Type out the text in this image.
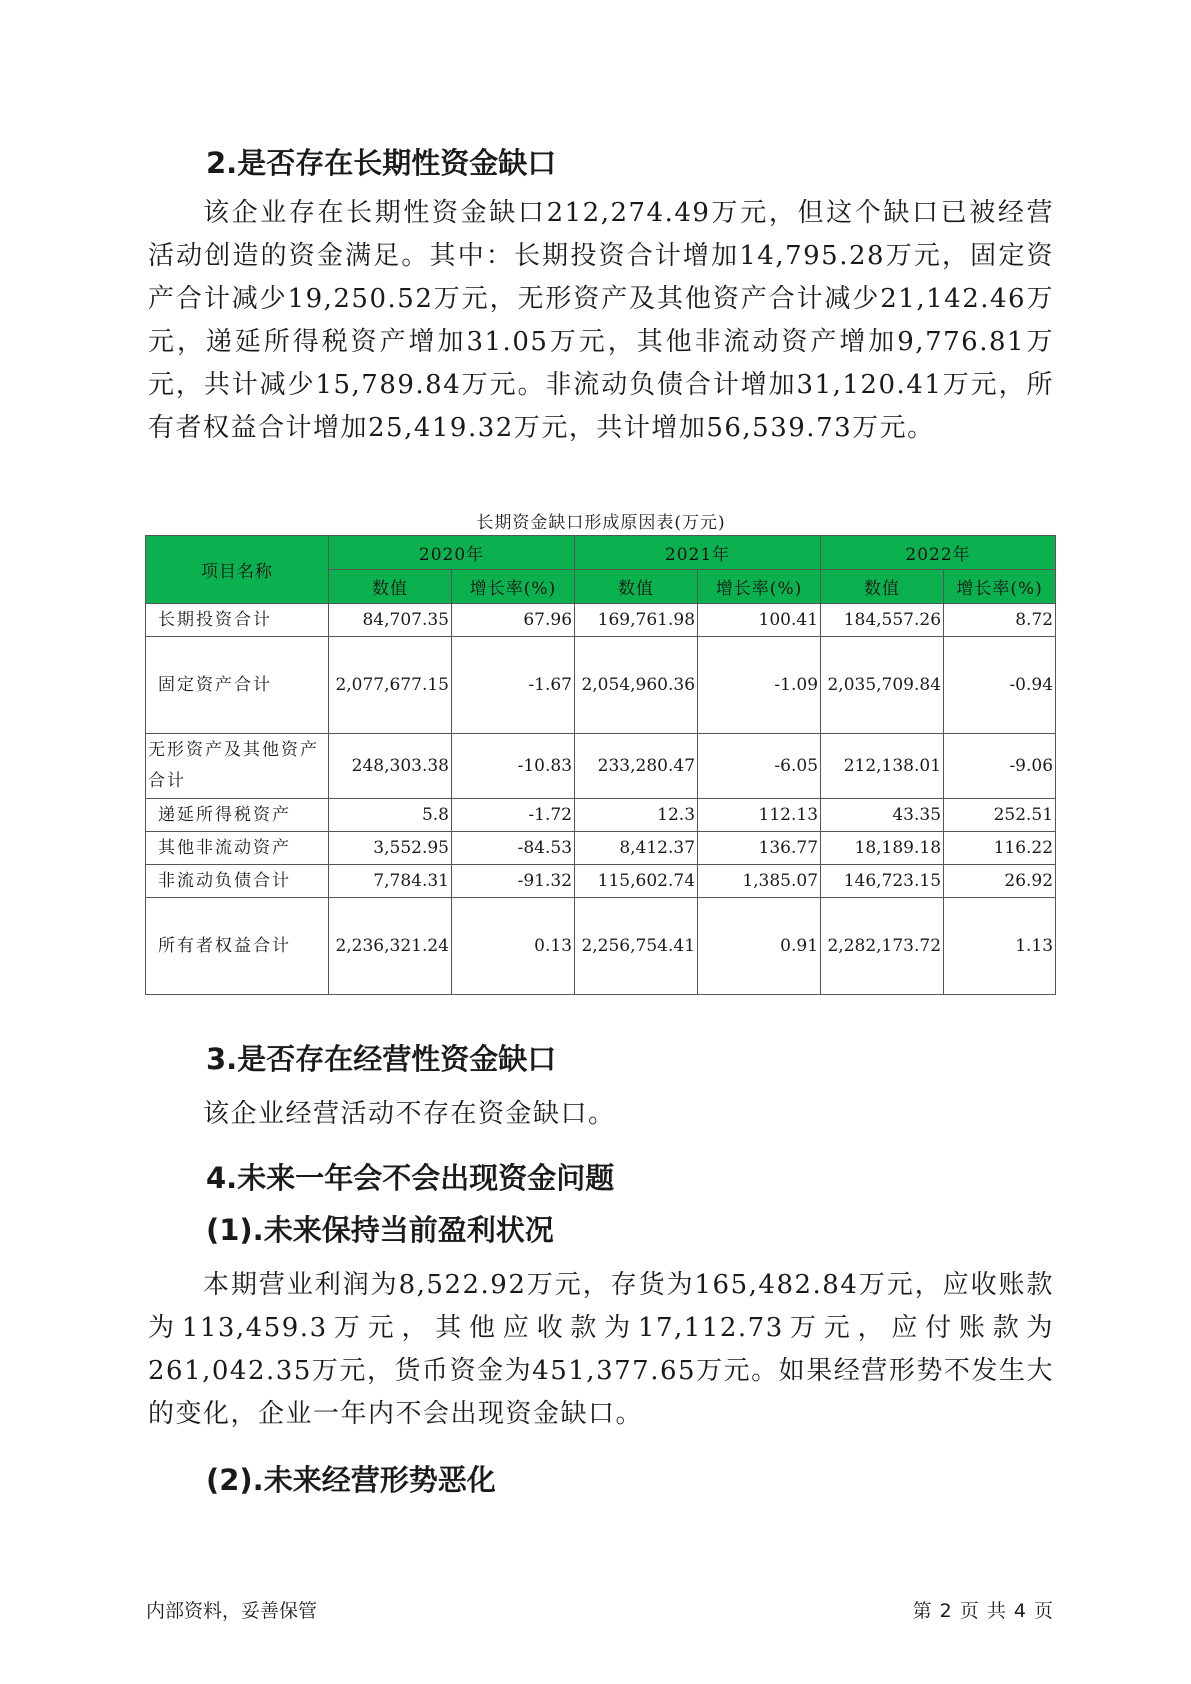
2.是否存在长期性资金缺口

该企业存在长期性资金缺口212,274.49万元，但这个缺口已被经营活动创造的资金满足。其中：长期投资合计增加14,795.28万元，固定资产合计减少19,250.52万元，无形资产及其他资产合计减少21,142.46万元，递延所得税资产增加31.05万元，其他非流动资产增加9,776.81万元，共计减少15,789.84万元。非流动负债合计增加31,120.41万元，所有者权益合计增加25,419.32万元，共计增加56,539.73万元。

长期资金缺口形成原因表(万元)
项目名称	2020年		2021年		2022年	
	数值	增长率(%)	数值	增长率(%)	数值	增长率(%)
长期投资合计	84,707.35	67.96	169,761.98	100.41	184,557.26	8.72
固定资产合计	2,077,677.15	-1.67	2,054,960.36	-1.09	2,035,709.84	-0.94
无形资产及其他资产合计	248,303.38	-10.83	233,280.47	-6.05	212,138.01	-9.06
递延所得税资产	5.8	-1.72	12.3	112.13	43.35	252.51
其他非流动资产	3,552.95	-84.53	8,412.37	136.77	18,189.18	116.22
非流动负债合计	7,784.31	-91.32	115,602.74	1,385.07	146,723.15	26.92
所有者权益合计	2,236,321.24	0.13	2,256,754.41	0.91	2,282,173.72	1.13
3.是否存在经营性资金缺口

该企业经营活动不存在资金缺口。

4.未来一年会不会出现资金问题
(1).未来保持当前盈利状况

本期营业利润为8,522.92万元，存货为165,482.84万元，应收账款为113,459.3万元，其他应收款为17,112.73万元，应付账款为261,042.35万元，货币资金为451,377.65万元。如果经营形势不发生大的变化，企业一年内不会出现资金缺口。

(2).未来经营形势恶化
内部资料，妥善保管	第 2 页 共 4 页
